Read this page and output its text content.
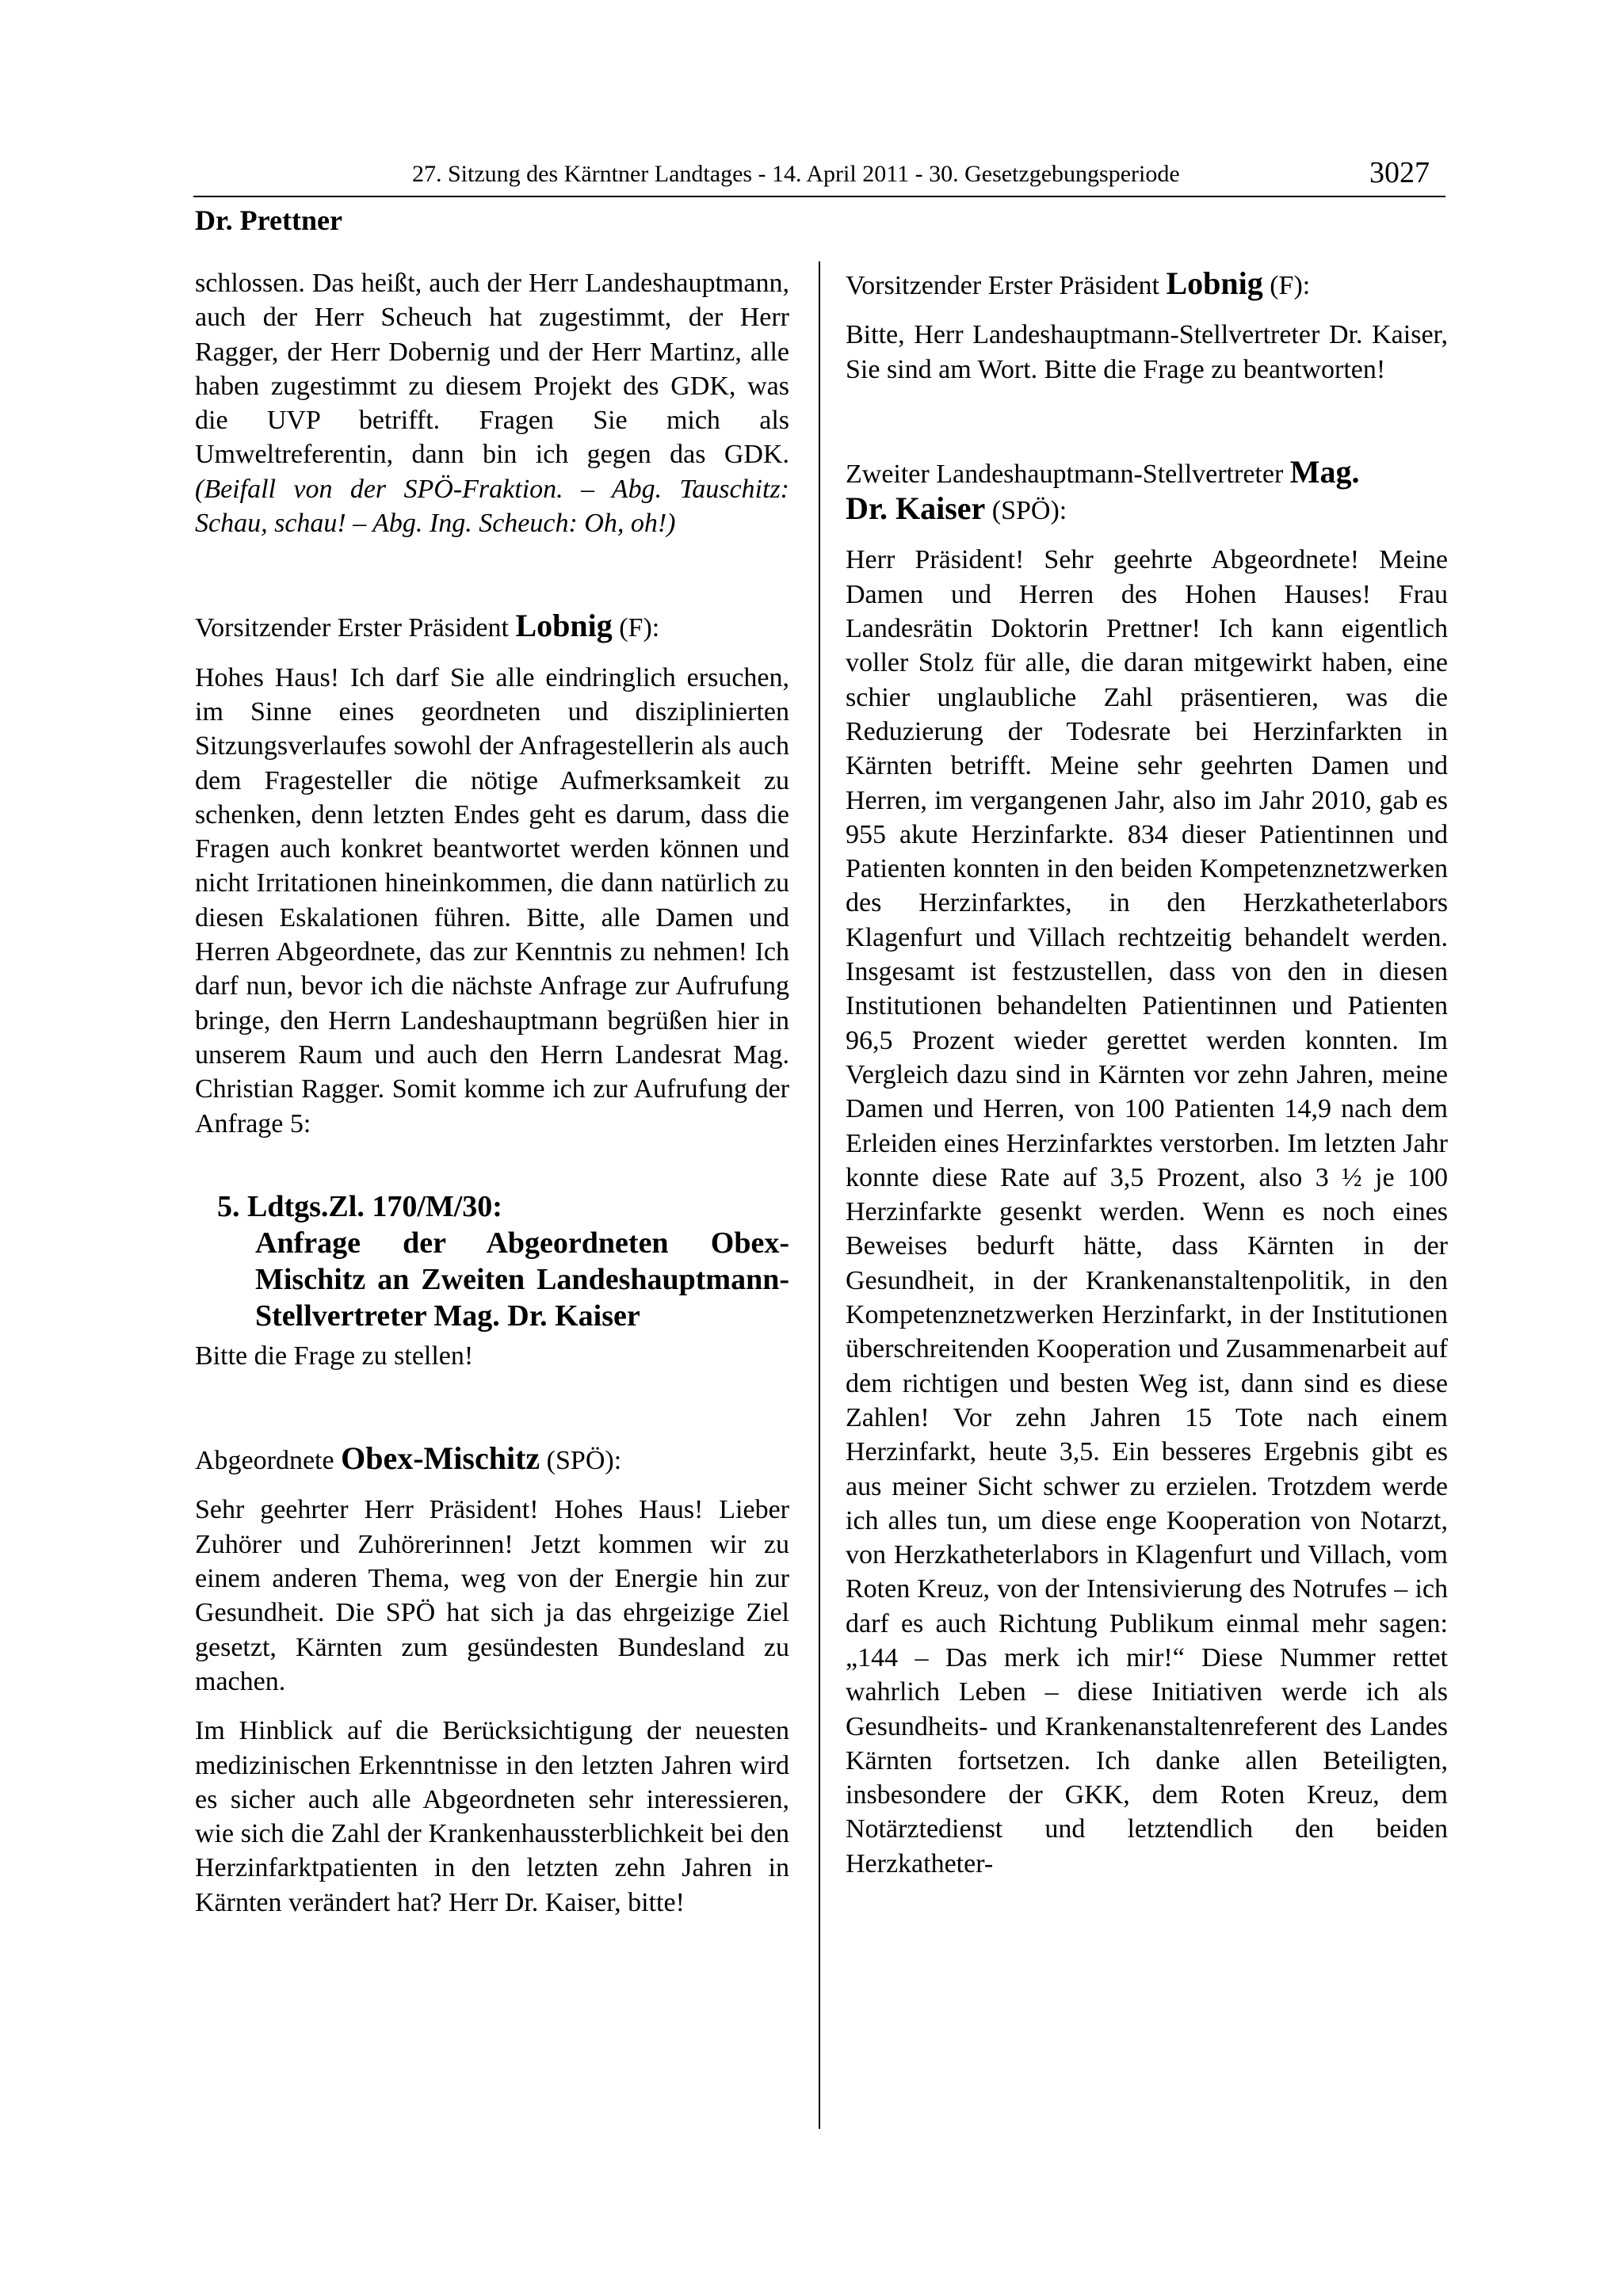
27. Sitzung des Kärntner Landtages - 14. April 2011 - 30. Gesetzgebungsperiode	3027
Dr. Prettner

schlossen. Das heißt, auch der Herr Landeshauptmann, auch der Herr Scheuch hat zugestimmt, der Herr Ragger, der Herr Dobernig und der Herr Martinz, alle haben zugestimmt zu diesem Projekt des GDK, was die UVP betrifft. Fragen Sie mich als Umweltreferentin, dann bin ich gegen das GDK. (Beifall von der SPÖ-Fraktion. – Abg. Tauschitz: Schau, schau! – Abg. Ing. Scheuch: Oh, oh!)

Vorsitzender Erster Präsident Lobnig (F):

Hohes Haus! Ich darf Sie alle eindringlich ersuchen, im Sinne eines geordneten und disziplinierten Sitzungsverlaufes sowohl der Anfragestellerin als auch dem Fragesteller die nötige Aufmerksamkeit zu schenken, denn letzten Endes geht es darum, dass die Fragen auch konkret beantwortet werden können und nicht Irritationen hineinkommen, die dann natürlich zu diesen Eskalationen führen. Bitte, alle Damen und Herren Abgeordnete, das zur Kenntnis zu nehmen! Ich darf nun, bevor ich die nächste Anfrage zur Aufrufung bringe, den Herrn Landeshauptmann begrüßen hier in unserem Raum und auch den Herrn Landesrat Mag. Christian Ragger. Somit komme ich zur Aufrufung der Anfrage 5:

5. Ldtgs.Zl. 170/M/30:
Anfrage der Abgeordneten Obex-Mischitz an Zweiten Landeshauptmann-Stellvertreter Mag. Dr. Kaiser

Bitte die Frage zu stellen!

Abgeordnete Obex-Mischitz (SPÖ):

Sehr geehrter Herr Präsident! Hohes Haus! Lieber Zuhörer und Zuhörerinnen! Jetzt kommen wir zu einem anderen Thema, weg von der Energie hin zur Gesundheit. Die SPÖ hat sich ja das ehrgeizige Ziel gesetzt, Kärnten zum gesündesten Bundesland zu machen.

Im Hinblick auf die Berücksichtigung der neuesten medizinischen Erkenntnisse in den letzten Jahren wird es sicher auch alle Abgeordneten sehr interessieren, wie sich die Zahl der Krankenhaussterblichkeit bei den Herzinfarktpatienten in den letzten zehn Jahren in Kärnten verändert hat? Herr Dr. Kaiser, bitte!

Vorsitzender Erster Präsident Lobnig (F):

Bitte, Herr Landeshauptmann-Stellvertreter Dr. Kaiser, Sie sind am Wort. Bitte die Frage zu beantworten!

Zweiter Landeshauptmann-Stellvertreter Mag.
Dr. Kaiser (SPÖ):

Herr Präsident! Sehr geehrte Abgeordnete! Meine Damen und Herren des Hohen Hauses! Frau Landesrätin Doktorin Prettner! Ich kann eigentlich voller Stolz für alle, die daran mitgewirkt haben, eine schier unglaubliche Zahl präsentieren, was die Reduzierung der Todesrate bei Herzinfarkten in Kärnten betrifft. Meine sehr geehrten Damen und Herren, im vergangenen Jahr, also im Jahr 2010, gab es 955 akute Herzinfarkte. 834 dieser Patientinnen und Patienten konnten in den beiden Kompetenznetzwerken des Herzinfarktes, in den Herzkatheterlabors Klagenfurt und Villach rechtzeitig behandelt werden. Insgesamt ist festzustellen, dass von den in diesen Institutionen behandelten Patientinnen und Patienten 96,5 Prozent wieder gerettet werden konnten. Im Vergleich dazu sind in Kärnten vor zehn Jahren, meine Damen und Herren, von 100 Patienten 14,9 nach dem Erleiden eines Herzinfarktes verstorben. Im letzten Jahr konnte diese Rate auf 3,5 Prozent, also 3 ½ je 100 Herzinfarkte gesenkt werden. Wenn es noch eines Beweises bedurft hätte, dass Kärnten in der Gesundheit, in der Krankenanstaltenpolitik, in den Kompetenznetzwerken Herzinfarkt, in der Institutionen überschreitenden Kooperation und Zusammenarbeit auf dem richtigen und besten Weg ist, dann sind es diese Zahlen! Vor zehn Jahren 15 Tote nach einem Herzinfarkt, heute 3,5. Ein besseres Ergebnis gibt es aus meiner Sicht schwer zu erzielen. Trotzdem werde ich alles tun, um diese enge Kooperation von Notarzt, von Herzkatheterlabors in Klagenfurt und Villach, vom Roten Kreuz, von der Intensivierung des Notrufes – ich darf es auch Richtung Publikum einmal mehr sagen: „144 – Das merk ich mir!“ Diese Nummer rettet wahrlich Leben – diese Initiativen werde ich als Gesundheits- und Krankenanstaltenreferent des Landes Kärnten fortsetzen. Ich danke allen Beteiligten, insbesondere der GKK, dem Roten Kreuz, dem Notärztedienst und letztendlich den beiden Herzkatheter-
